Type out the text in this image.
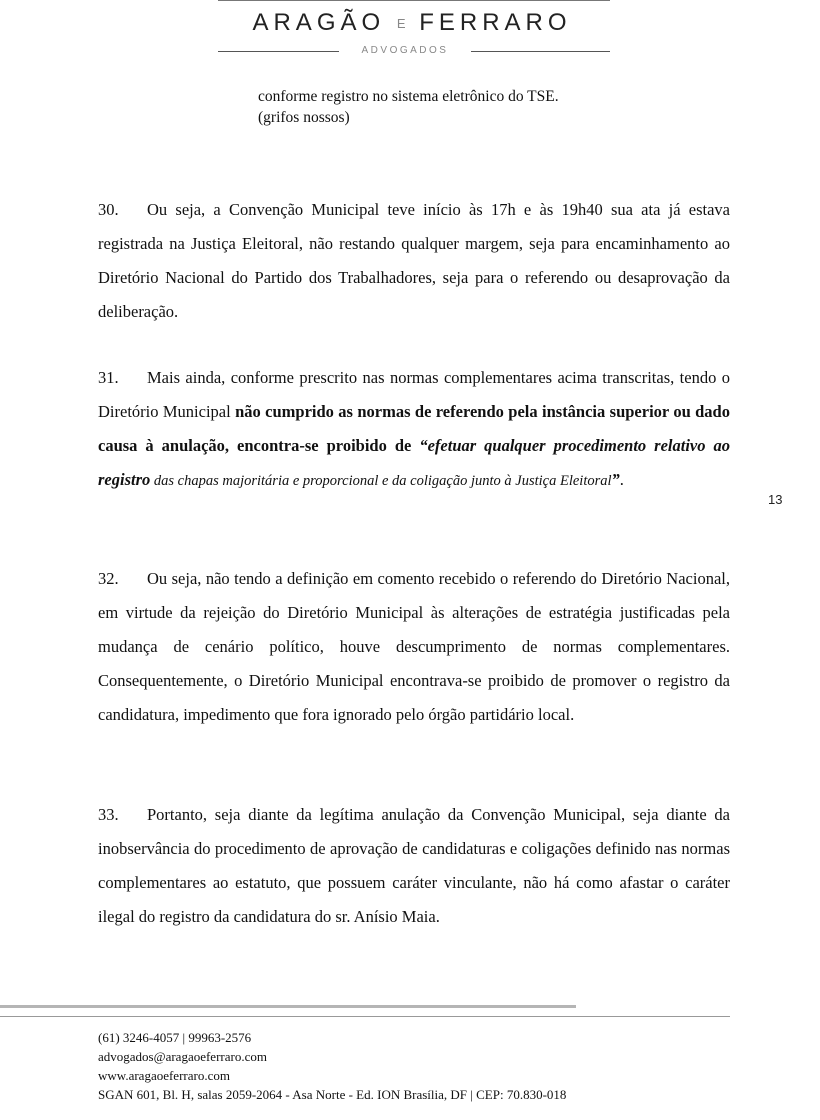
ARAGÃO E FERRARO
ADVOGADOS
conforme registro no sistema eletrônico do TSE.
(grifos nossos)

30. Ou seja, a Convenção Municipal teve início às 17h e às 19h40 sua ata já estava registrada na Justiça Eleitoral, não restando qualquer margem, seja para encaminhamento ao Diretório Nacional do Partido dos Trabalhadores, seja para o referendo ou desaprovação da deliberação.

31. Mais ainda, conforme prescrito nas normas complementares acima transcritas, tendo o Diretório Municipal não cumprido as normas de referendo pela instância superior ou dado causa à anulação, encontra-se proibido de “efetuar qualquer procedimento relativo ao registro das chapas majoritária e proporcional e da coligação junto à Justiça Eleitoral”.

13

32. Ou seja, não tendo a definição em comento recebido o referendo do Diretório Nacional, em virtude da rejeição do Diretório Municipal às alterações de estratégia justificadas pela mudança de cenário político, houve descumprimento de normas complementares. Consequentemente, o Diretório Municipal encontrava-se proibido de promover o registro da candidatura, impedimento que fora ignorado pelo órgão partidário local.

33. Portanto, seja diante da legítima anulação da Convenção Municipal, seja diante da inobservância do procedimento de aprovação de candidaturas e coligações definido nas normas complementares ao estatuto, que possuem caráter vinculante, não há como afastar o caráter ilegal do registro da candidatura do sr. Anísio Maia.

(61) 3246-4057 | 99963-2576
advogados@aragaoeferraro.com
www.aragaoeferraro.com
SGAN 601, Bl. H, salas 2059-2064 - Asa Norte - Ed. ION Brasília, DF | CEP: 70.830-018
